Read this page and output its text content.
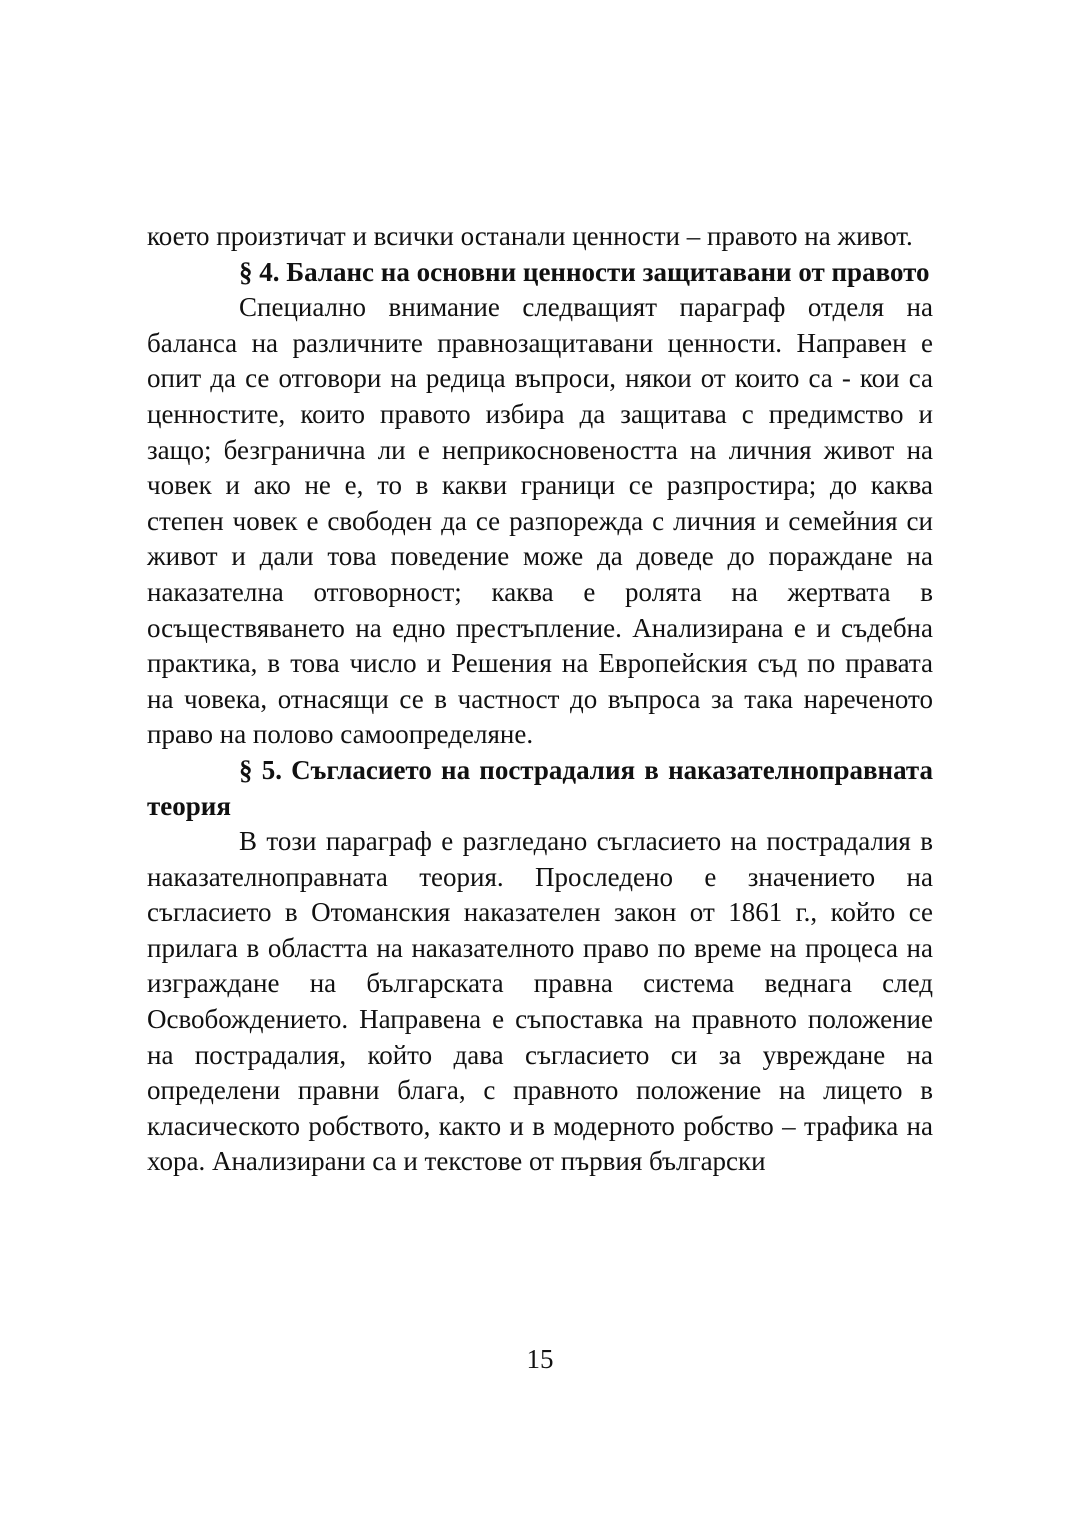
което произтичат и всички останали ценности – правото на живот.

§ 4. Баланс на основни ценности защитавани от правото

Специално внимание следващият параграф отделя на баланса на различните правнозащитавани ценности. Направен е опит да се отговори на редица въпроси, някои от които са - кои са ценностите, които правото избира да защитава с предимство и защо; безгранична ли е неприкосновеността на личния живот на човек и ако не е, то в какви граници се разпростира; до каква степен човек е свободен да се разпорежда с личния и семейния си живот и дали това поведение може да доведе до пораждане на наказателна отговорност; каква е ролята на жертвата в осъществяването на едно престъпление. Анализирана е и съдебна практика, в това число и Решения на Европейския съд по правата на човека, отнасящи се в частност до въпроса за така нареченото право на полово самоопределяне.

§ 5. Съгласието на пострадалия в наказателноправната теория

В този параграф е разгледано съгласието на пострадалия в наказателноправната теория. Проследено е значението на съгласието в Отоманския наказателен закон от 1861 г., който се прилага в областта на наказателното право по време на процеса на изграждане на българската правна система веднага след Освобождението. Направена е съпоставка на правното положение на пострадалия, който дава съгласието си за увреждане на определени правни блага, с правното положение на лицето в класическото робството, както и в модерното робство – трафика на хора. Анализирани са и текстове от първия български

15
